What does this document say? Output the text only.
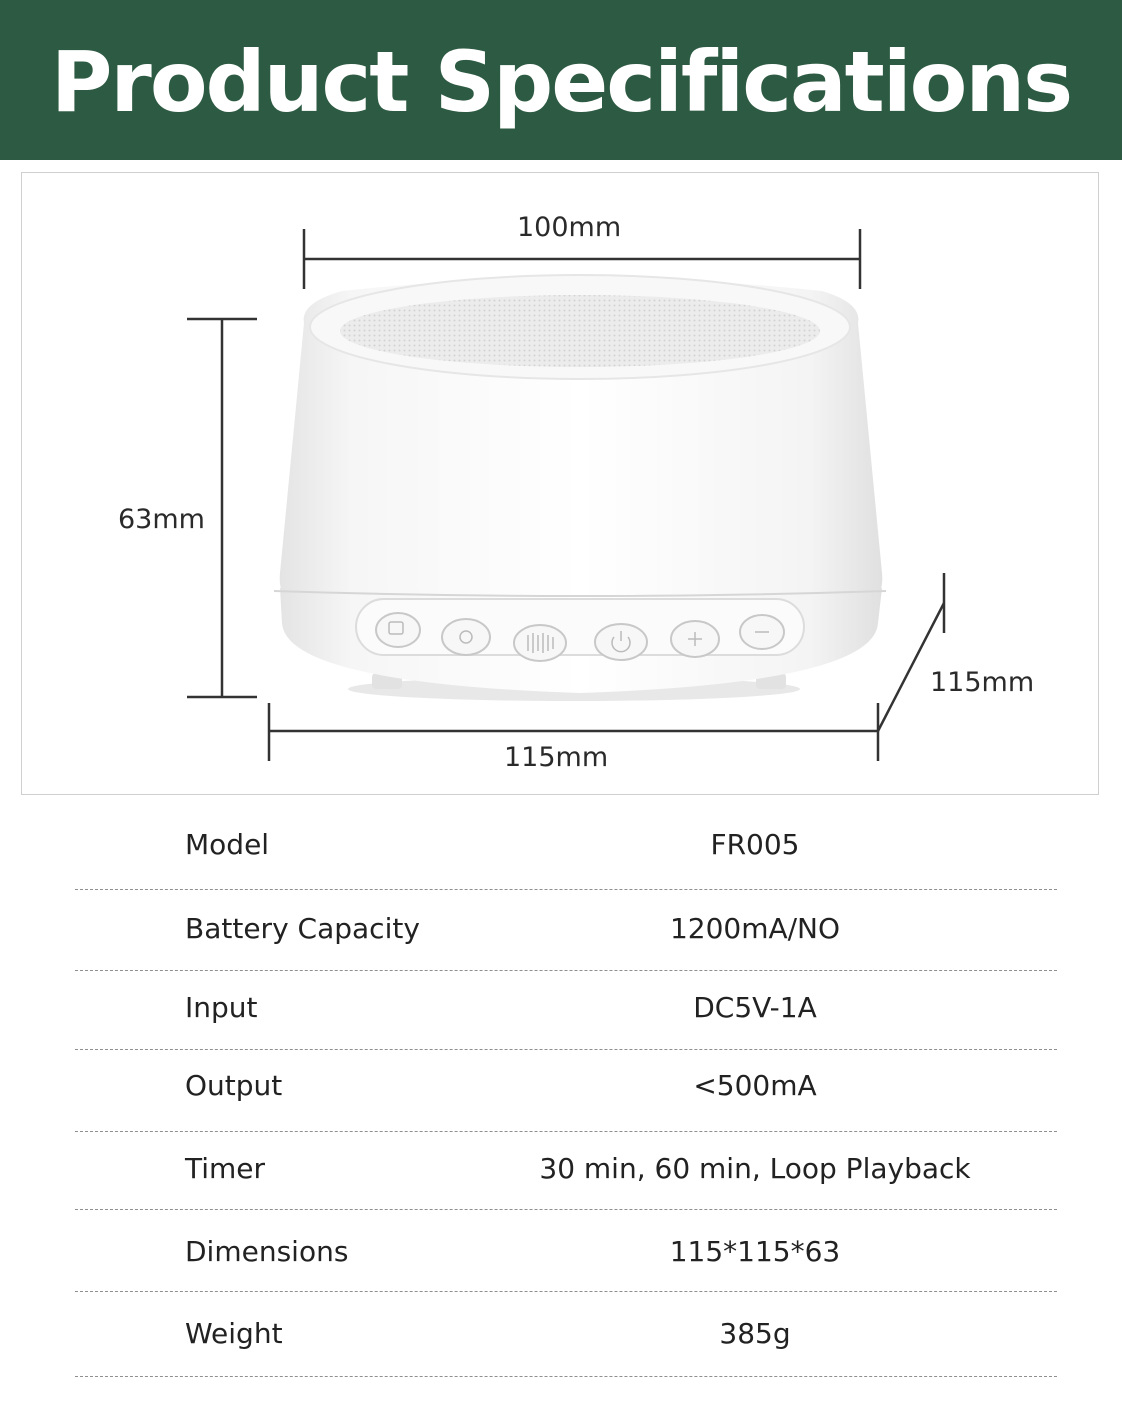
Product Specifications
100mm
63mm
115mm
115mm
Model	FR005
Battery Capacity	1200mA/NO
Input	DC5V-1A
Output	<500mA
Timer	30 min, 60 min, Loop Playback
Dimensions	115*115*63
Weight	385g
